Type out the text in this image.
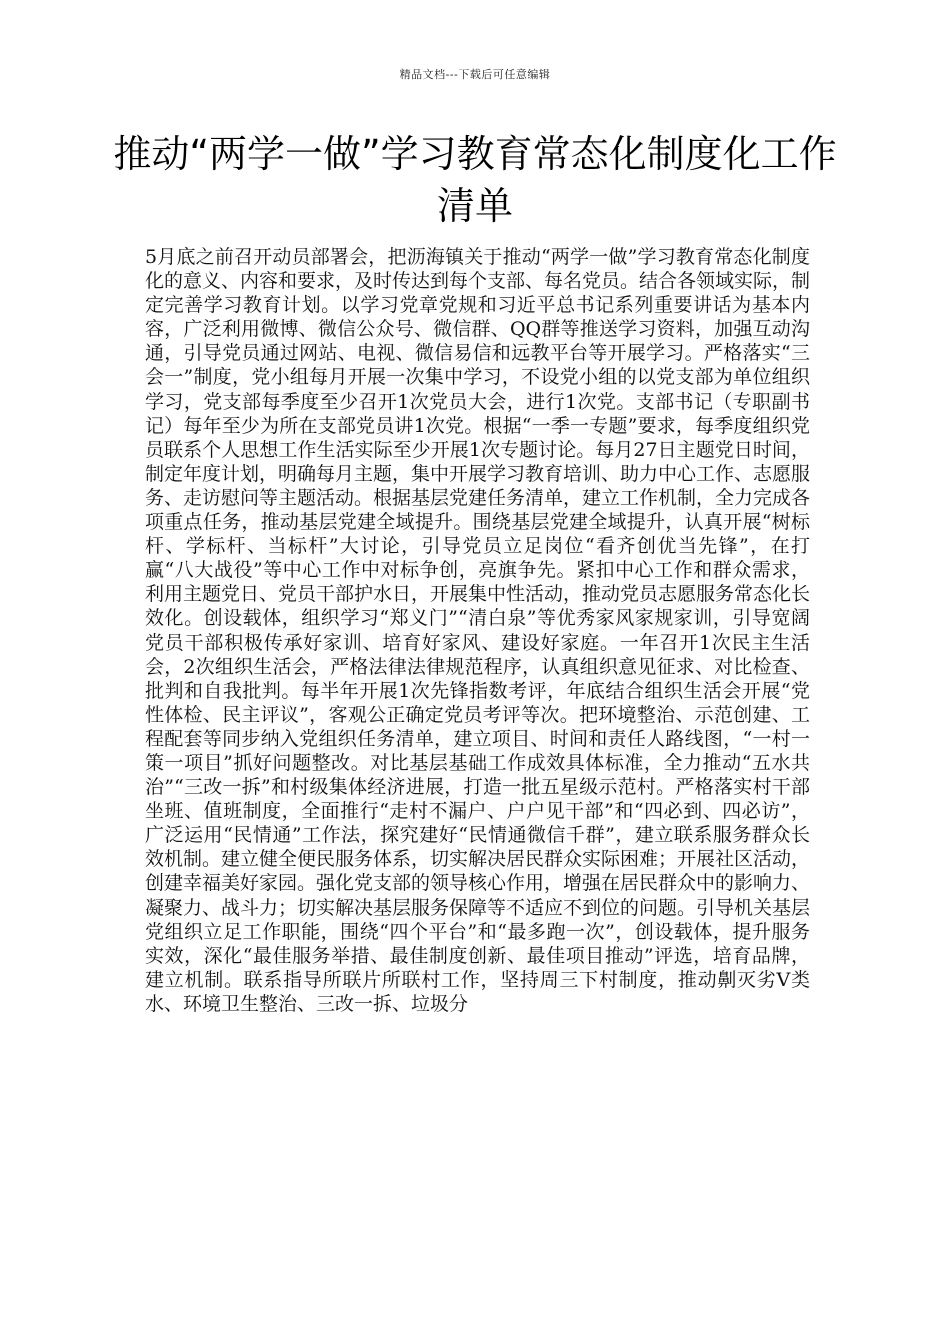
精品文档---下载后可任意编辑
推动“两学一做”学习教育常态化制度化工作清单

5月底之前召开动员部署会，把沥海镇关于推动“两学一做”学习教育常态化制度化的意义、内容和要求，及时传达到每个支部、每名党员。结合各领域实际，制定完善学习教育计划。以学习党章党规和习近平总书记系列重要讲话为基本内容，广泛利用微博、微信公众号、微信群、QQ群等推送学习资料，加强互动沟通，引导党员通过网站、电视、微信易信和远教平台等开展学习。严格落实“三会一”制度，党小组每月开展一次集中学习，不设党小组的以党支部为单位组织学习，党支部每季度至少召开1次党员大会，进行1次党。支部书记（专职副书记）每年至少为所在支部党员讲1次党。根据“一季一专题”要求，每季度组织党员联系个人思想工作生活实际至少开展1次专题讨论。每月27日主题党日时间，制定年度计划，明确每月主题，集中开展学习教育培训、助力中心工作、志愿服务、走访慰问等主题活动。根据基层党建任务清单，建立工作机制，全力完成各项重点任务，推动基层党建全域提升。围绕基层党建全域提升，认真开展“树标杆、学标杆、当标杆”大讨论，引导党员立足岗位“看齐创优当先锋”，在打赢“八大战役”等中心工作中对标争创，亮旗争先。紧扣中心工作和群众需求，利用主题党日、党员干部护水日，开展集中性活动，推动党员志愿服务常态化长效化。创设载体，组织学习“郑义门”“清白泉”等优秀家风家规家训，引导宽阔党员干部积极传承好家训、培育好家风、建设好家庭。一年召开1次民主生活会，2次组织生活会，严格法律法律规范程序，认真组织意见征求、对比检查、批判和自我批判。每半年开展1次先锋指数考评，年底结合组织生活会开展“党性体检、民主评议”，客观公正确定党员考评等次。把环境整治、示范创建、工程配套等同步纳入党组织任务清单，建立项目、时间和责任人路线图，“一村一策一项目”抓好问题整改。对比基层基础工作成效具体标准，全力推动“五水共治”“三改一拆”和村级集体经济进展，打造一批五星级示范村。严格落实村干部坐班、值班制度，全面推行“走村不漏户、户户见干部”和“四必到、四必访”，广泛运用“民情通”工作法，探究建好“民情通微信千群”，建立联系服务群众长效机制。建立健全便民服务体系，切实解决居民群众实际困难；开展社区活动，创建幸福美好家园。强化党支部的领导核心作用，增强在居民群众中的影响力、凝聚力、战斗力；切实解决基层服务保障等不适应不到位的问题。引导机关基层党组织立足工作职能，围绕“四个平台”和“最多跑一次”，创设载体，提升服务实效，深化“最佳服务举措、最佳制度创新、最佳项目推动”评选，培育品牌，建立机制。联系指导所联片所联村工作，坚持周三下村制度，推动劓灭劣Ⅴ类水、环境卫生整治、三改一拆、垃圾分
